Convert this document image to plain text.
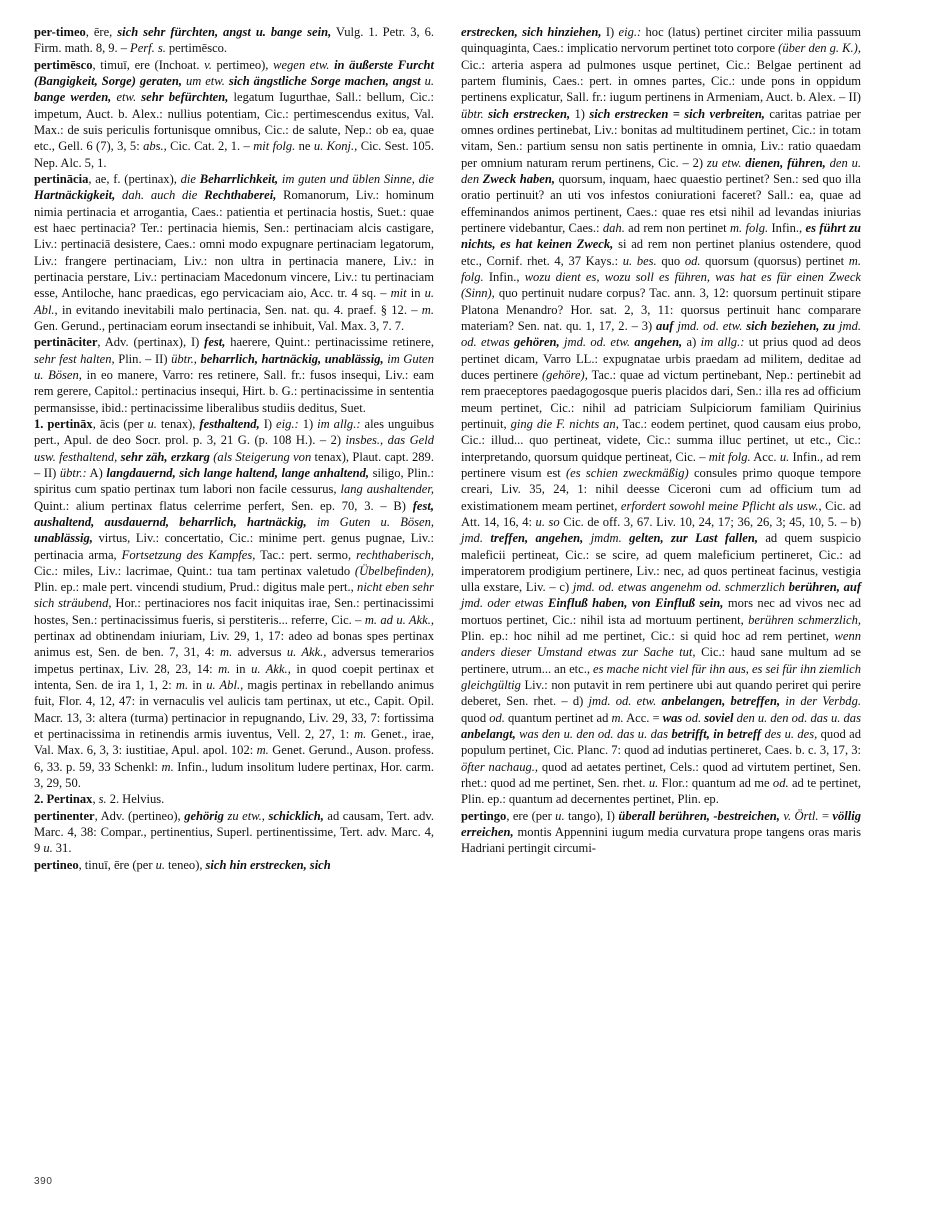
per-timeo, ēre, sich sehr fürchten, angst u. bange sein, Vulg. 1. Petr. 3, 6. Firm. math. 8, 9. – Perf. s. pertimēsco.

pertimēsco, timuī, ere (Inchoat. v. pertimeo), wegen etw. in äußerste Furcht (Bangigkeit, Sorge) geraten, um etw. sich ängstliche Sorge machen, angst u. bange werden, etw. sehr befürchten, legatum Iugurthae, Sall.: bellum, Cic.: impetum, Auct. b. Alex.: nullius potentiam, Cic.: pertimescendus exitus, Val. Max.: de suis periculis fortunisque omnibus, Cic.: de salute, Nep.: ob ea, quae etc., Gell. 6 (7), 3, 5: abs., Cic. Cat. 2, 1. – mit folg. ne u. Konj., Cic. Sest. 105. Nep. Alc. 5, 1.

pertinācia, ae, f. (pertinax), die Beharrlichkeit, im guten und üblen Sinne, die Hartnäckigkeit, dah. auch die Rechthaberei, Romanorum, Liv.: hominum nimia pertinacia et arrogantia, Caes.: patientia et pertinacia hostis, Suet.: quae est haec pertinacia? Ter.: pertinacia hiemis, Sen.: pertinaciam alcis castigare, Liv.: pertinaciā desistere, Caes.: omni modo expugnare pertinaciam legatorum, Liv.: frangere pertinaciam, Liv.: non ultra in pertinacia manere, Liv.: in pertinacia perstare, Liv.: pertinaciam Macedonum vincere, Liv.: tu pertinaciam esse, Antiloche, hanc praedicas, ego pervicaciam aio, Acc. tr. 4 sq. – mit in u. Abl., in evitando inevitabili malo pertinacia, Sen. nat. qu. 4. praef. § 12. – m. Gen. Gerund., pertinaciam eorum insectandi se inhibuit, Val. Max. 3, 7. 7.

pertināciter, Adv. (pertinax), I) fest, haerere, Quint.: pertinacissime retinere, sehr fest halten, Plin. – II) übtr., beharrlich, hartnäckig, unablässig, im Guten u. Bösen, in eo manere, Varro: res retinere, Sall. fr.: fusos insequi, Liv.: eam rem gerere, Capitol.: pertinacius insequi, Hirt. b. G.: pertinacissime in sententia permansisse, ibid.: pertinacissime liberalibus studiis deditus, Suet.

1. pertināx, ācis (per u. tenax), festhaltend, I) eig.: 1) im allg.: ales unguibus pert., Apul. de deo Socr. prol. p. 3, 21 G. (p. 108 H.). – 2) insbes., das Geld usw. festhaltend, sehr zäh, erzkarg (als Steigerung von tenax), Plaut. capt. 289. – II) übtr.: A) langdauernd, sich lange haltend, lange anhaltend, siligo, Plin.: spiritus cum spatio pertinax tum labori non facile cessurus, lang aushaltender, Quint.: alium pertinax flatus celerrime perfert, Sen. ep. 70, 3. – B) fest, aushaltend, ausdauernd, beharrlich, hartnäckig, im Guten u. Bösen, unablässig, virtus, Liv.: concertatio, Cic.: minime pert. genus pugnae, Liv.: pertinacia arma, Fortsetzung des Kampfes, Tac.: pert. sermo, rechthaberisch, Cic.: miles, Liv.: lacrimae, Quint.: tua tam pertinax valetudo (Übelbefinden), Plin. ep.: male pert. vincendi studium, Prud.: digitus male pert., nicht eben sehr sich sträubend, Hor.: pertinaciores nos facit iniquitas irae, Sen.: pertinacissimi hostes, Sen.: pertinacissimus fueris, si perstiteris... referre, Cic. – m. ad u. Akk., pertinax ad obtinendam iniuriam, Liv. 29, 1, 17: adeo ad bonas spes pertinax animus est, Sen. de ben. 7, 31, 4: m. adversus u. Akk., adversus temerarios impetus pertinax, Liv. 28, 23, 14: m. in u. Akk., in quod coepit pertinax et intenta, Sen. de ira 1, 1, 2: m. in u. Abl., magis pertinax in rebellando animus fuit, Flor. 4, 12, 47: in vernaculis vel aulicis tam pertinax, ut etc., Capit. Opil. Macr. 13, 3: altera (turma) pertinacior in repugnando, Liv. 29, 33, 7: fortissima et pertinacissima in retinendis armis iuventus, Vell. 2, 27, 1: m. Genet., irae, Val. Max. 6, 3, 3: iustitiae, Apul. apol. 102: m. Genet. Gerund., Auson. profess. 6, 33. p. 59, 33 Schenkl: m. Infin., ludum insolitum ludere pertinax, Hor. carm. 3, 29, 50.

2. Pertinax, s. 2. Helvius.

pertinenter, Adv. (pertineo), gehörig zu etw., schicklich, ad causam, Tert. adv. Marc. 4, 38: Compar., pertinentius, Superl. pertinentissime, Tert. adv. Marc. 4, 9 u. 31.

pertineo, tinuī, ēre (per u. teneo), sich hin erstrecken, sich

erstrecken, sich hinziehen, I) eig.: hoc (latus) pertinet circiter milia passuum quinquaginta, Caes.: implicatio nervorum pertinet toto corpore (über den g. K.), Cic.: arteria aspera ad pulmones usque pertinet, Cic.: Belgae pertinent ad partem fluminis, Caes.: pert. in omnes partes, Cic.: unde pons in oppidum pertinens explicatur, Sall. fr.: iugum pertinens in Armeniam, Auct. b. Alex. – II) übtr. sich erstrecken, 1) sich erstrecken = sich verbreiten, caritas patriae per omnes ordines pertinebat, Liv.: bonitas ad multitudinem pertinet, Cic.: in totam vitam, Sen.: partium sensu non satis pertinente in omnia, Liv.: ratio quaedam per omnium naturam rerum pertinens, Cic. – 2) zu etw. dienen, führen, den u. den Zweck haben, quorsum, inquam, haec quaestio pertinet? Sen.: sed quo illa oratio pertinuit? an uti vos infestos coniurationi faceret? Sall.: ea, quae ad effeminandos animos pertinent, Caes.: quae res etsi nihil ad levandas iniurias pertinere videbantur, Caes.: dah. ad rem non pertinet m. folg. Infin., es führt zu nichts, es hat keinen Zweck, si ad rem non pertinet planius ostendere, quod etc., Cornif. rhet. 4, 37 Kays.: u. bes. quo od. quorsum (quorsus) pertinet m. folg. Infin., wozu dient es, wozu soll es führen, was hat es für einen Zweck (Sinn), quo pertinuit nudare corpus? Tac. ann. 3, 12: quorsum pertinuit stipare Platona Menandro? Hor. sat. 2, 3, 11: quorsus pertinuit hanc comparare materiam? Sen. nat. qu. 1, 17, 2. – 3) auf jmd. od. etw. sich beziehen, zu jmd. od. etwas gehören, jmd. od. etw. angehen, a) im allg.: ut prius quod ad deos pertinet dicam, Varro LL.: expugnatae urbis praedam ad militem, deditae ad duces pertinere (gehöre), Tac.: quae ad victum pertinebant, Nep.: pertinebit ad rem praeceptores paedagogosque pueris placidos dari, Sen.: illa res ad officium meum pertinet, Cic.: nihil ad patriciam Sulpiciorum familiam Quirinius pertinuit, ging die F. nichts an, Tac.: eodem pertinet, quod causam eius probo, Cic.: illud... quo pertineat, videte, Cic.: summa illuc pertinet, ut etc., Cic.: interpretando, quorsum quidque pertineat, Cic. – mit folg. Acc. u. Infin., ad rem pertinere visum est (es schien zweckmäßig) consules primo quoque tempore creari, Liv. 35, 24, 1: nihil deesse Ciceroni cum ad officium tum ad existimationem meam pertinet, erfordert sowohl meine Pflicht als usw., Cic. ad Att. 14, 16, 4: u. so Cic. de off. 3, 67. Liv. 10, 24, 17; 36, 26, 3; 45, 10, 5. – b) jmd. treffen, angehen, jmdm. gelten, zur Last fallen, ad quem suspicio maleficii pertineat, Cic.: se scire, ad quem maleficium pertineret, Cic.: ad imperatorem prodigium pertinere, Liv.: nec, ad quos pertineat facinus, vestigia ulla exstare, Liv. – c) jmd. od. etwas angenehm od. schmerzlich berühren, auf jmd. oder etwas Einfluß haben, von Einfluß sein, mors nec ad vivos nec ad mortuos pertinet, Cic.: nihil ista ad mortuum pertinent, berühren schmerzlich, Plin. ep.: hoc nihil ad me pertinet, Cic.: si quid hoc ad rem pertinet, wenn anders dieser Umstand etwas zur Sache tut, Cic.: haud sane multum ad se pertinere, utrum... an etc., es mache nicht viel für ihn aus, es sei für ihn ziemlich gleichgültig Liv.: non putavit in rem pertinere ubi aut quando periret qui perire deberet, Sen. rhet. – d) jmd. od. etw. anbelangen, betreffen, in der Verbdg. quod od. quantum pertinet ad m. Acc. = was od. soviel den u. den od. das u. das anbelangt, was den u. den od. das u. das betrifft, in betreff des u. des, quod ad populum pertinet, Cic. Planc. 7: quod ad indutias pertineret, Caes. b. c. 3, 17, 3: öfter nachaug., quod ad aetates pertinet, Cels.: quod ad virtutem pertinet, Sen. rhet.: quod ad me pertinet, Sen. rhet. u. Flor.: quantum ad me od. ad te pertinet, Plin. ep.: quantum ad decernentes pertinet, Plin. ep.

pertingo, ere (per u. tango), I) überall berühren, -bestreichen, v. Örtl. = völlig erreichen, montis Appennini iugum media curvatura prope tangens oras maris Hadriani pertingit circumi-

390
